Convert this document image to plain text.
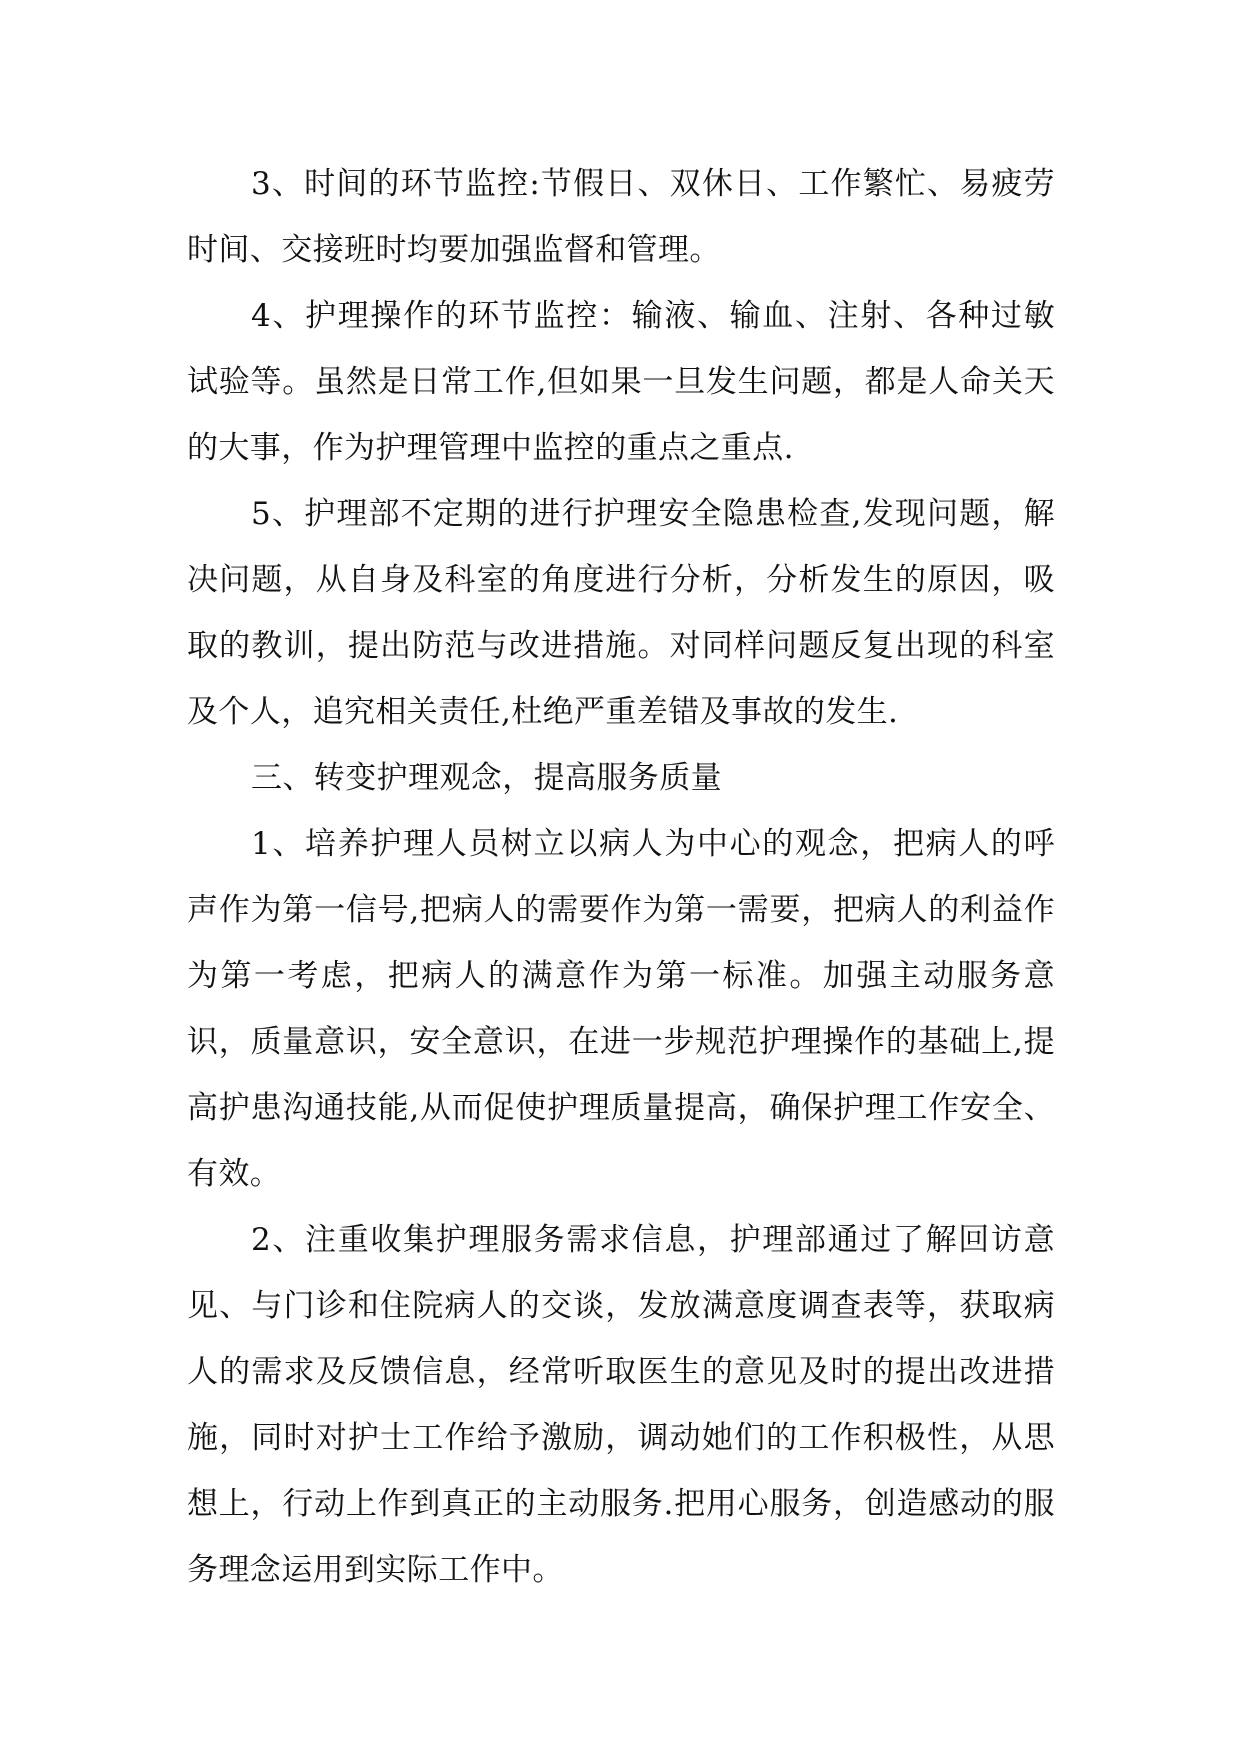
3、时间的环节监控:节假日、双休日、工作繁忙、易疲劳时间、交接班时均要加强监督和管理。

4、护理操作的环节监控：输液、输血、注射、各种过敏试验等。虽然是日常工作,但如果一旦发生问题，都是人命关天的大事，作为护理管理中监控的重点之重点.

5、护理部不定期的进行护理安全隐患检查,发现问题，解决问题，从自身及科室的角度进行分析，分析发生的原因，吸取的教训，提出防范与改进措施。对同样问题反复出现的科室及个人，追究相关责任,杜绝严重差错及事故的发生.

三、转变护理观念，提高服务质量

1、培养护理人员树立以病人为中心的观念，把病人的呼声作为第一信号,把病人的需要作为第一需要，把病人的利益作为第一考虑，把病人的满意作为第一标准。加强主动服务意识，质量意识，安全意识，在进一步规范护理操作的基础上,提高护患沟通技能,从而促使护理质量提高，确保护理工作安全、有效。

2、注重收集护理服务需求信息，护理部通过了解回访意见、与门诊和住院病人的交谈，发放满意度调查表等，获取病人的需求及反馈信息，经常听取医生的意见及时的提出改进措施，同时对护士工作给予激励，调动她们的工作积极性，从思想上，行动上作到真正的主动服务.把用心服务，创造感动的服务理念运用到实际工作中。
